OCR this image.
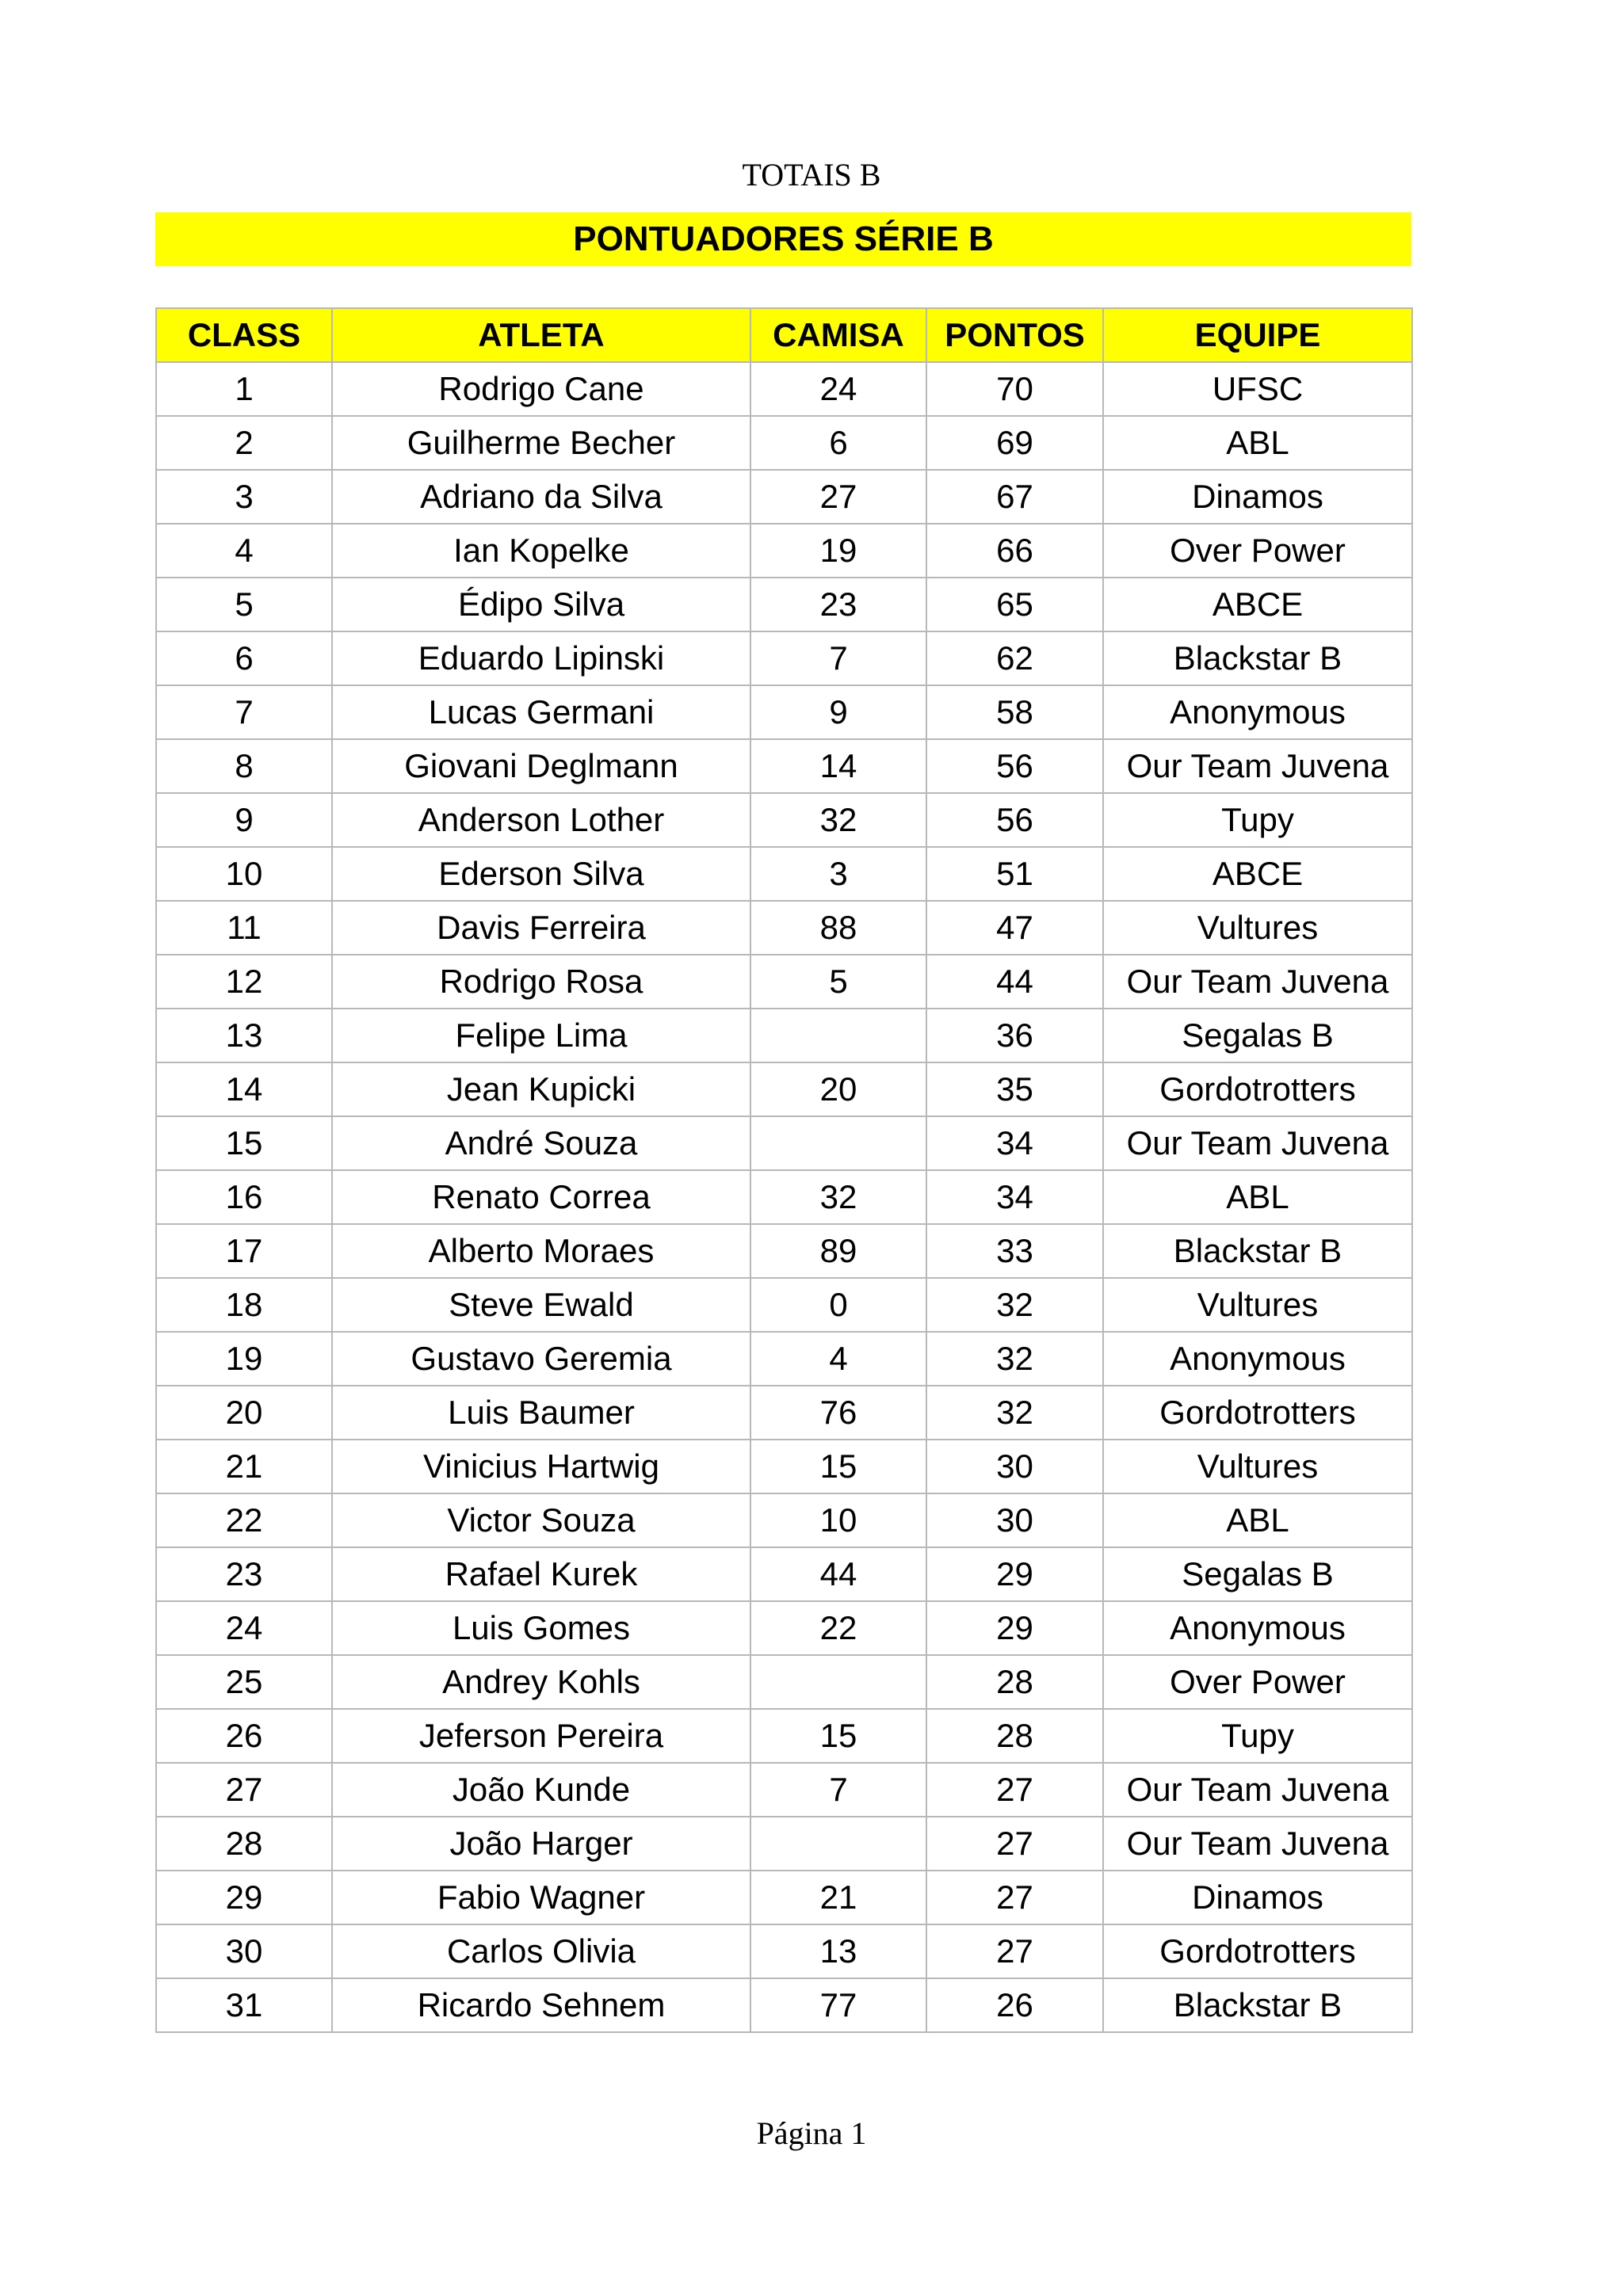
TOTAIS B
PONTUADORES SÉRIE B
CLASS	ATLETA	CAMISA	PONTOS	EQUIPE
1	Rodrigo Cane	24	70	UFSC
2	Guilherme Becher	6	69	ABL
3	Adriano da Silva	27	67	Dinamos
4	Ian Kopelke	19	66	Over Power
5	Édipo Silva	23	65	ABCE
6	Eduardo Lipinski	7	62	Blackstar B
7	Lucas Germani	9	58	Anonymous
8	Giovani Deglmann	14	56	Our Team Juvena
9	Anderson Lother	32	56	Tupy
10	Ederson Silva	3	51	ABCE
11	Davis Ferreira	88	47	Vultures
12	Rodrigo Rosa	5	44	Our Team Juvena
13	Felipe Lima		36	Segalas B
14	Jean Kupicki	20	35	Gordotrotters
15	André Souza		34	Our Team Juvena
16	Renato Correa	32	34	ABL
17	Alberto Moraes	89	33	Blackstar B
18	Steve Ewald	0	32	Vultures
19	Gustavo Geremia	4	32	Anonymous
20	Luis Baumer	76	32	Gordotrotters
21	Vinicius Hartwig	15	30	Vultures
22	Victor Souza	10	30	ABL
23	Rafael Kurek	44	29	Segalas B
24	Luis Gomes	22	29	Anonymous
25	Andrey Kohls		28	Over Power
26	Jeferson Pereira	15	28	Tupy
27	João Kunde	7	27	Our Team Juvena
28	João Harger		27	Our Team Juvena
29	Fabio Wagner	21	27	Dinamos
30	Carlos Olivia	13	27	Gordotrotters
31	Ricardo Sehnem	77	26	Blackstar B
Página 1
